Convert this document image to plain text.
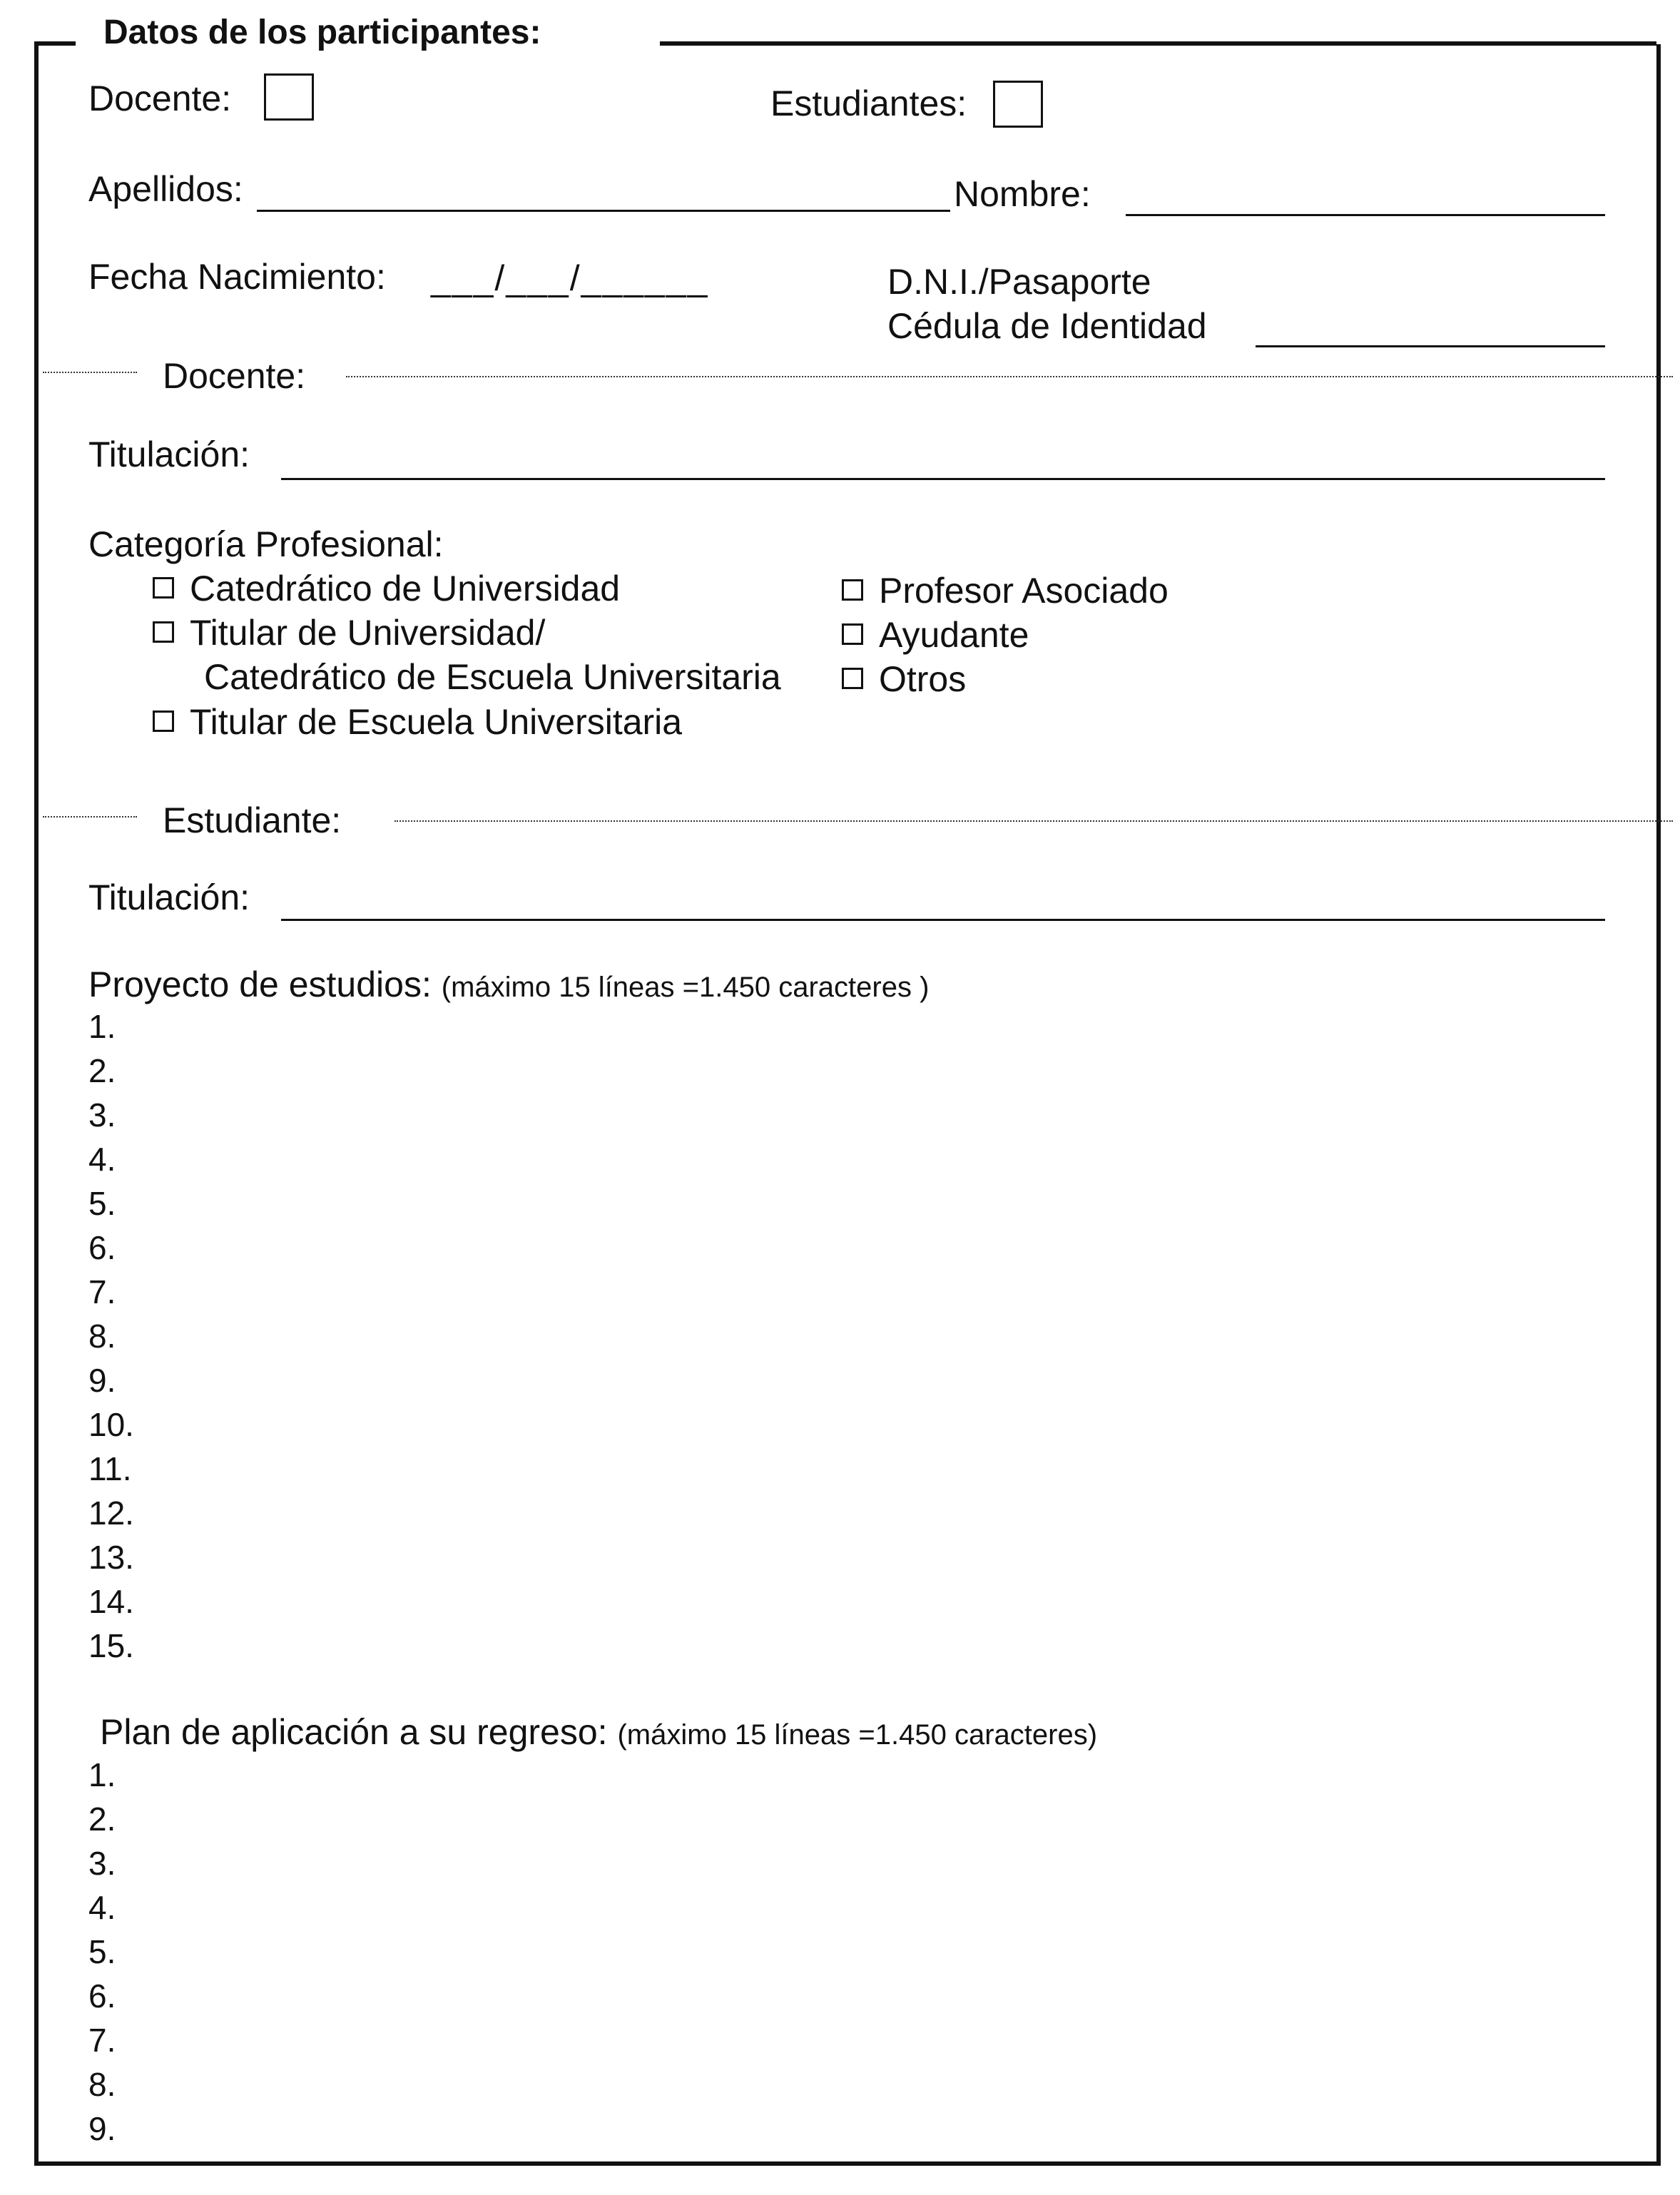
Datos de los participantes:
Docente:	Estudiantes:
Apellidos:	Nombre:
Fecha Nacimiento: ___/___/______	D.N.I./Pasaporte
Cédula de Identidad
Docente:
Titulación:
Categoría Profesional:
Catedrático de Universidad
Titular de Universidad/
Catedrático de Escuela Universitaria
Titular de Escuela Universitaria
Profesor Asociado
Ayudante
Otros
Estudiante:
Titulación:
Proyecto de estudios: (máximo 15 líneas =1.450 caracteres )
1.
2.
3.
4.
5.
6.
7.
8.
9.
10.
11.
12.
13.
14.
15.
Plan de aplicación a su regreso: (máximo 15 líneas =1.450 caracteres)
1.
2.
3.
4.
5.
6.
7.
8.
9.
